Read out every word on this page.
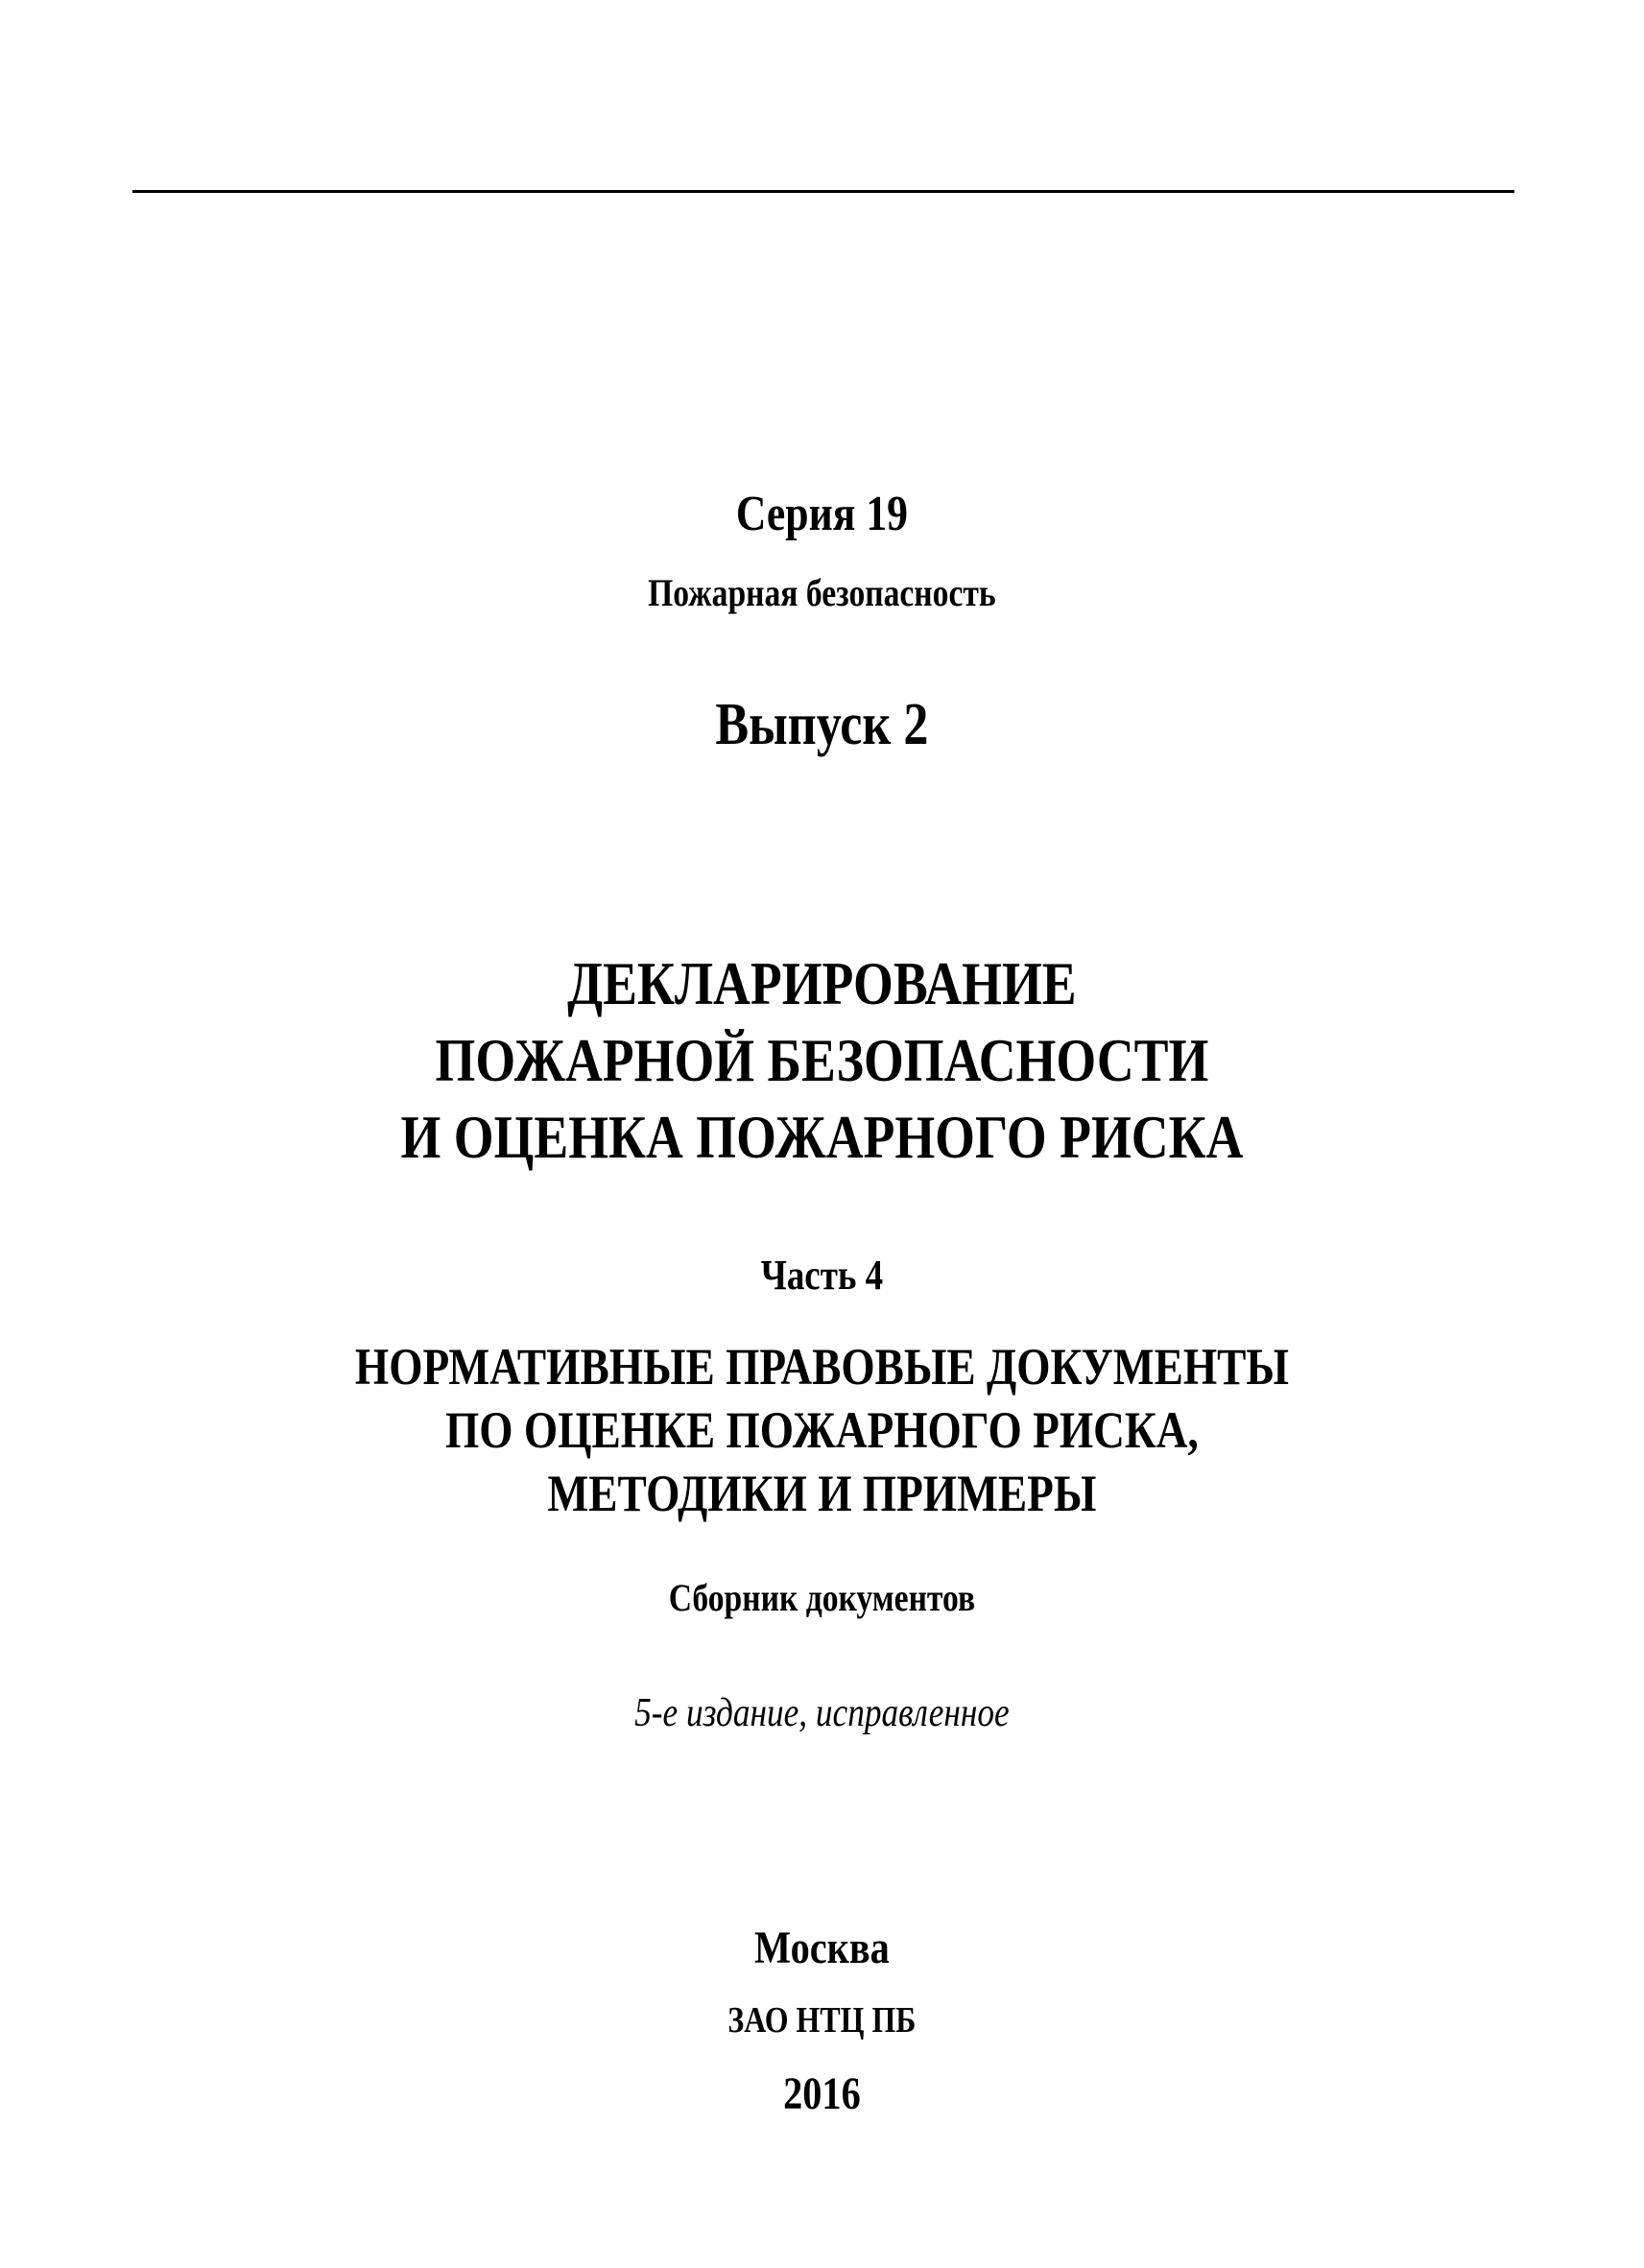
Серия 19
Пожарная безопасность
Выпуск 2
ДЕКЛАРИРОВАНИЕ
ПОЖАРНОЙ БЕЗОПАСНОСТИ
И ОЦЕНКА ПОЖАРНОГО РИСКА
Часть 4
НОРМАТИВНЫЕ ПРАВОВЫЕ ДОКУМЕНТЫ
ПО ОЦЕНКЕ ПОЖАРНОГО РИСКА,
МЕТОДИКИ И ПРИМЕРЫ
Сборник документов
5-е издание, исправленное
Москва
ЗАО НТЦ ПБ
2016
